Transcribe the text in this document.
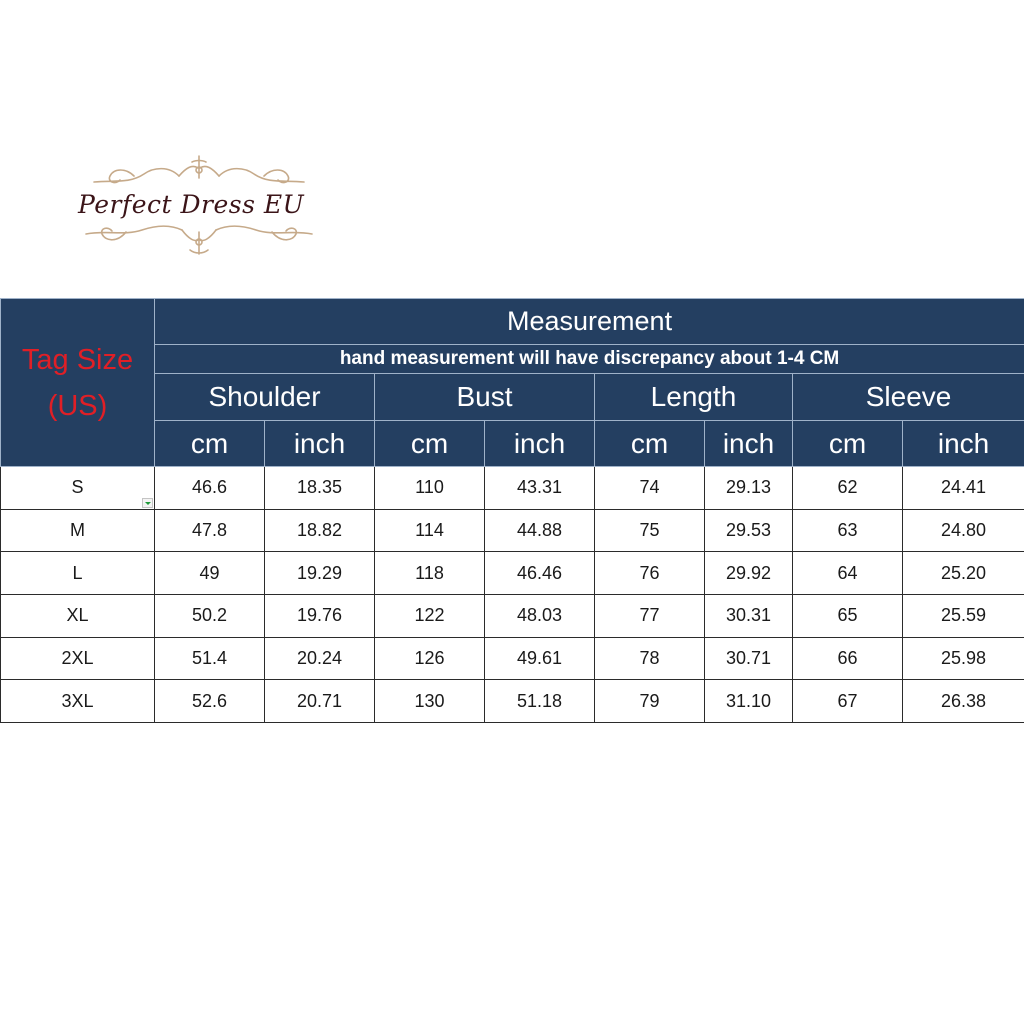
Perfect Dress EU
Tag Size
(US)	Measurement							
	hand measurement will have discrepancy about 1-4 CM							
	Shoulder		Bust		Length		Sleeve	
	cm	inch	cm	inch	cm	inch	cm	inch
S	46.6	18.35	110	43.31	74	29.13	62	24.41
M	47.8	18.82	114	44.88	75	29.53	63	24.80
L	49	19.29	118	46.46	76	29.92	64	25.20
XL	50.2	19.76	122	48.03	77	30.31	65	25.59
2XL	51.4	20.24	126	49.61	78	30.71	66	25.98
3XL	52.6	20.71	130	51.18	79	31.10	67	26.38
